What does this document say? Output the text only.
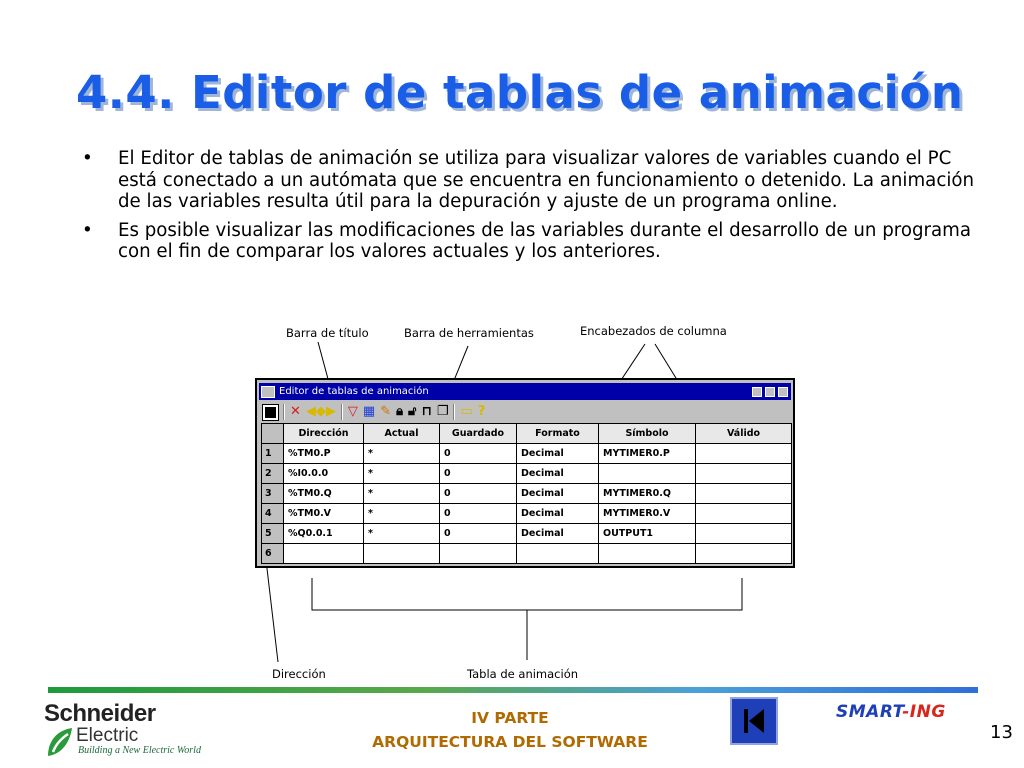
4.4. Editor de tablas de animación
•	El Editor de tablas de animación se utiliza para visualizar valores de variables cuando el PC está conectado a un autómata que se encuentra en funcionamiento o detenido. La animación de las variables resulta útil para la depuración y ajuste de un programa online.
•	Es posible visualizar las modificaciones de las variables durante el desarrollo de un programa con el fin de comparar los valores actuales y los anteriores.
Barra de título	Barra de herramientas	Encabezados de columna
Dirección	Tabla de animación
Editor de tablas de animación
✕ ◀◆▶ ▽ ▦ ✎ 🔒︎ 🔓︎ ⊓ ❐ ▭ ?
	Dirección	Actual	Guardado	Formato	Símbolo	Válido
1	%TM0.P	*	0	Decimal	MYTIMER0.P	
2	%I0.0.0	*	0	Decimal		
3	%TM0.Q	*	0	Decimal	MYTIMER0.Q	
4	%TM0.V	*	0	Decimal	MYTIMER0.V	
5	%Q0.0.1	*	0	Decimal	OUTPUT1	
6						
Schneider
Electric
Building a New Electric World
IV PARTE
ARQUITECTURA DEL SOFTWARE
SMART-ING
13
